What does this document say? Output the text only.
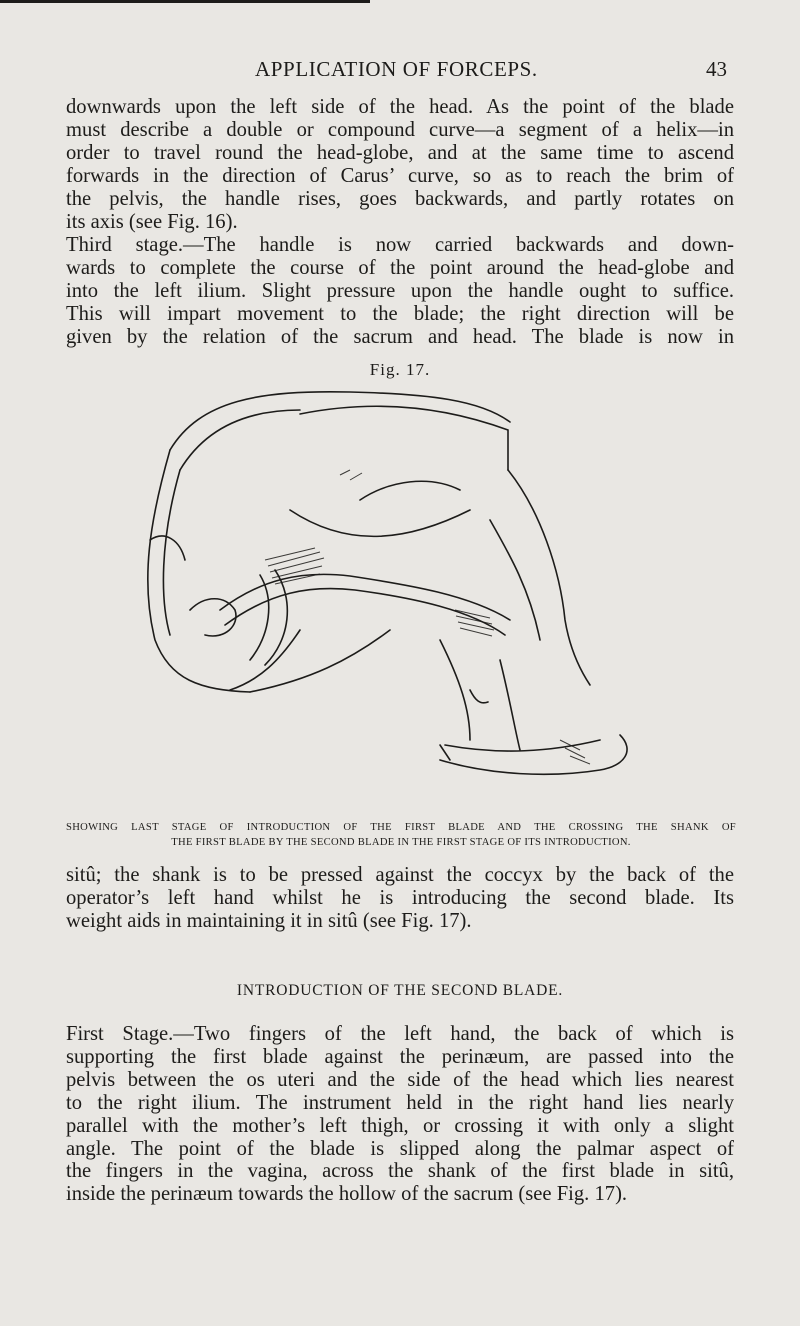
APPLICATION OF FORCEPS.	43

downwards upon the left side of the head. As the point of the blade
must describe a double or compound curve—a segment of a helix—in
order to travel round the head-globe, and at the same time to ascend
forwards in the direction of Carus’ curve, so as to reach the brim of
the pelvis, the handle rises, goes backwards, and partly rotates on
its axis (see Fig. 16).

Third stage.—The handle is now carried backwards and down-
wards to complete the course of the point around the head-globe and
into the left ilium. Slight pressure upon the handle ought to suffice.
This will impart movement to the blade; the right direction will be
given by the relation of the sacrum and head. The blade is now in

Fig. 17.
SHOWING LAST STAGE OF INTRODUCTION OF THE FIRST BLADE AND THE CROSSING THE SHANK OF
THE FIRST BLADE BY THE SECOND BLADE IN THE FIRST STAGE OF ITS INTRODUCTION.

sitû; the shank is to be pressed against the coccyx by the back of the
operator’s left hand whilst he is introducing the second blade. Its
weight aids in maintaining it in sitû (see Fig. 17).

INTRODUCTION OF THE SECOND BLADE.

First Stage.—Two fingers of the left hand, the back of which is
supporting the first blade against the perinæum, are passed into the
pelvis between the os uteri and the side of the head which lies nearest
to the right ilium. The instrument held in the right hand lies nearly
parallel with the mother’s left thigh, or crossing it with only a slight
angle. The point of the blade is slipped along the palmar aspect of
the fingers in the vagina, across the shank of the first blade in sitû,
inside the perinæum towards the hollow of the sacrum (see Fig. 17).
